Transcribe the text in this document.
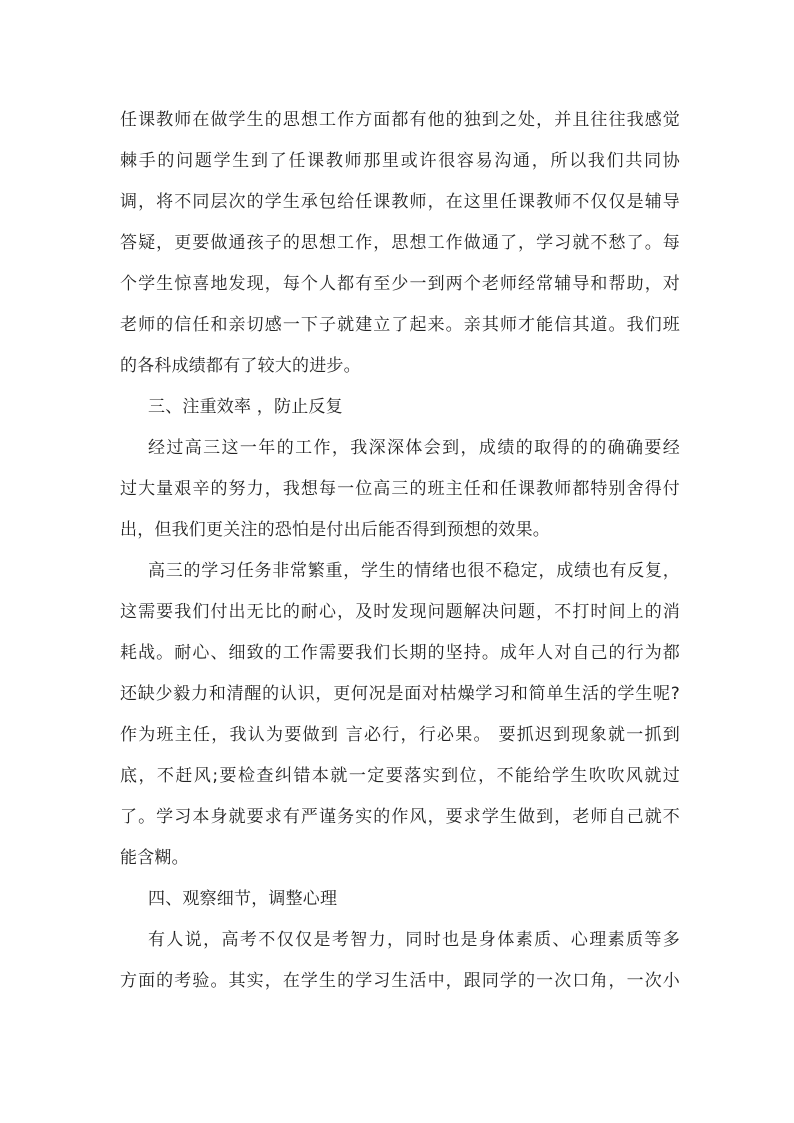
任课教师在做学生的思想工作方面都有他的独到之处，并且往往我感觉
棘手的问题学生到了任课教师那里或许很容易沟通，所以我们共同协
调，将不同层次的学生承包给任课教师，在这里任课教师不仅仅是辅导
答疑，更要做通孩子的思想工作，思想工作做通了，学习就不愁了。每
个学生惊喜地发现，每个人都有至少一到两个老师经常辅导和帮助，对
老师的信任和亲切感一下子就建立了起来。亲其师才能信其道。我们班
的各科成绩都有了较大的进步。
三、注重效率 ，防止反复
经过高三这一年的工作，我深深体会到，成绩的取得的的确确要经
过大量艰辛的努力，我想每一位高三的班主任和任课教师都特别舍得付
出，但我们更关注的恐怕是付出后能否得到预想的效果。
高三的学习任务非常繁重，学生的情绪也很不稳定，成绩也有反复，
这需要我们付出无比的耐心，及时发现问题解决问题，不打时间上的消
耗战。耐心、细致的工作需要我们长期的坚持。成年人对自己的行为都
还缺少毅力和清醒的认识，更何况是面对枯燥学习和简单生活的学生呢?
作为班主任，我认为要做到 言必行，行必果。 要抓迟到现象就一抓到
底，不赶风;要检查纠错本就一定要落实到位，不能给学生吹吹风就过
了。学习本身就要求有严谨务实的作风，要求学生做到，老师自己就不
能含糊。
四、观察细节，调整心理
有人说，高考不仅仅是考智力，同时也是身体素质、心理素质等多
方面的考验。其实，在学生的学习生活中，跟同学的一次口角，一次小
